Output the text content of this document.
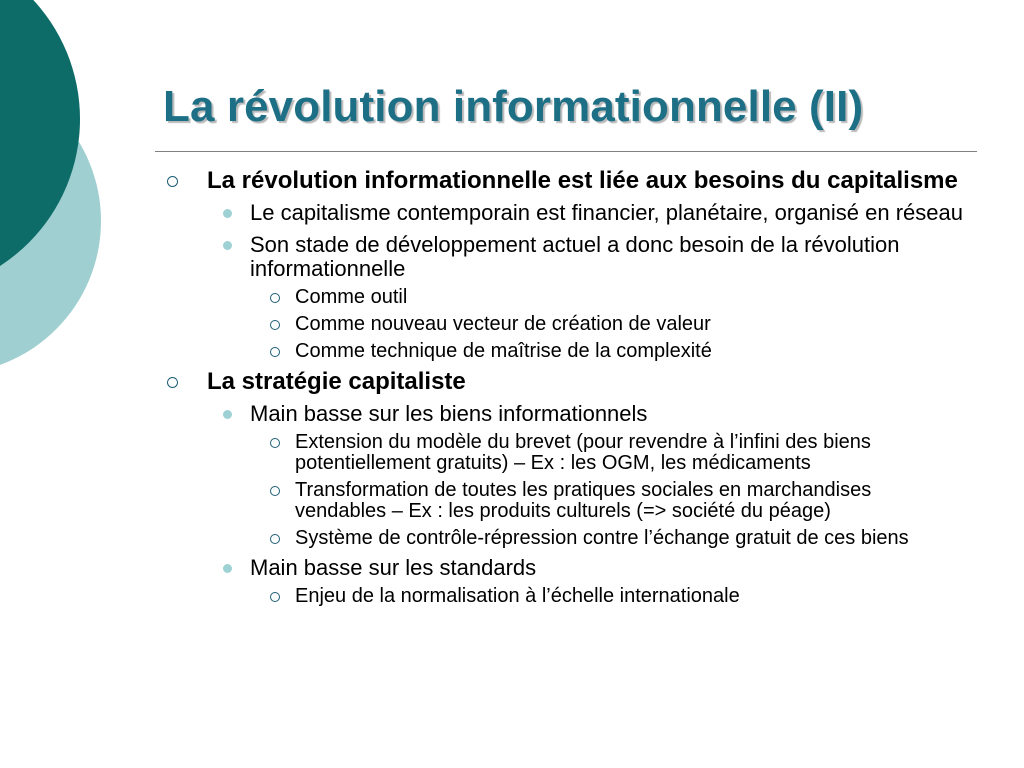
La révolution informationnelle (II)
La révolution informationnelle est liée aux besoins du capitalisme
Le capitalisme contemporain est financier, planétaire, organisé en réseau
Son stade de développement actuel a donc besoin de la révolution informationnelle
Comme outil
Comme nouveau vecteur de création de valeur
Comme technique de maîtrise de la complexité
La stratégie capitaliste
Main basse sur les biens informationnels
Extension du modèle du brevet (pour revendre à l’infini des biens potentiellement gratuits) – Ex : les OGM, les médicaments
Transformation de toutes les pratiques sociales en marchandises vendables – Ex : les produits culturels (=> société du péage)
Système de contrôle-répression contre l’échange gratuit de ces biens
Main basse sur les standards
Enjeu de la normalisation à l’échelle internationale
